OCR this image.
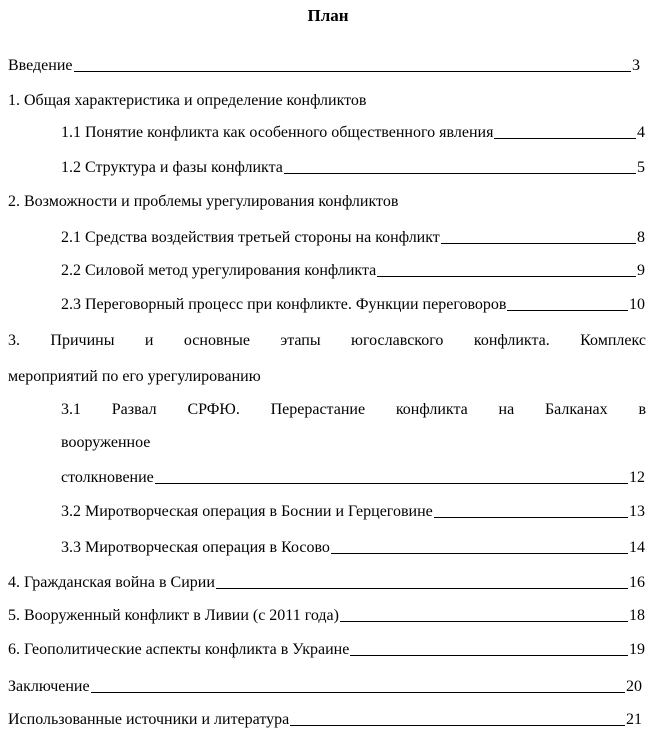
План
Введение	3
1. Общая характеристика и определение конфликтов
1.1 Понятие конфликта как особенного общественного явления	4
1.2 Структура и фазы конфликта	5
2. Возможности и проблемы урегулирования конфликтов
2.1 Средства воздействия третьей стороны на конфликт	8
2.2 Силовой метод урегулирования конфликта	9
2.3 Переговорный процесс при конфликте. Функции переговоров	10
3. Причины и основные этапы югославского конфликта. Комплекс
мероприятий по его урегулированию
3.1 Развал СРФЮ. Перерастание конфликта на Балканах в
вооруженное
столкновение	12
3.2 Миротворческая операция в Боснии и Герцеговине	13
3.3 Миротворческая операция в Косово	14
4. Гражданская война в Сирии	16
5. Вооруженный конфликт в Ливии (с 2011 года)	18
6. Геополитические аспекты конфликта в Украине	19
Заключение	20
Использованные источники и литература	21
